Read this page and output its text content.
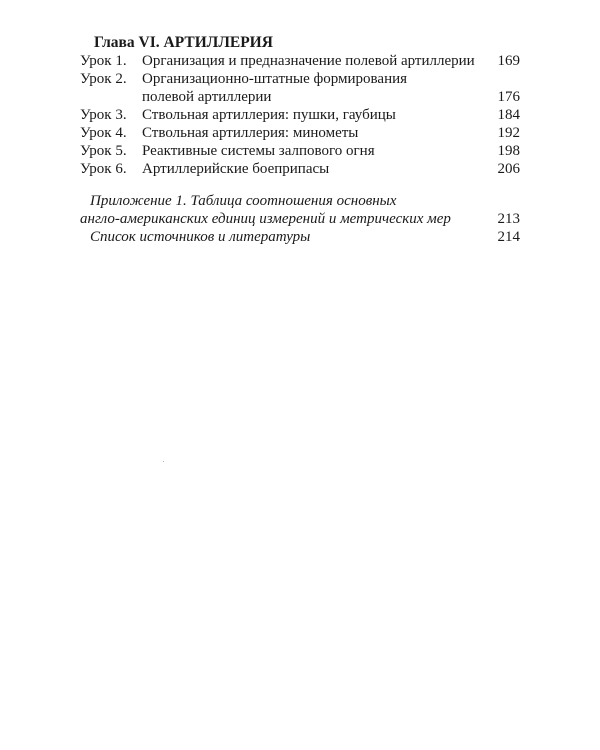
Глава VI. АРТИЛЛЕРИЯ
Урок 1.	Организация и предназначение полевой артиллерии	169
Урок 2.	Организационно-штатные формирования
полевой артиллерии	176
Урок 3.	Ствольная артиллерия: пушки, гаубицы	184
Урок 4.	Ствольная артиллерия: минометы	192
Урок 5.	Реактивные системы залпового огня	198
Урок 6.	Артиллерийские боеприпасы	206
Приложение 1. Таблица соотношения основных
англо-американских единиц измерений и метрических мер	213
Список источников и литературы	214
